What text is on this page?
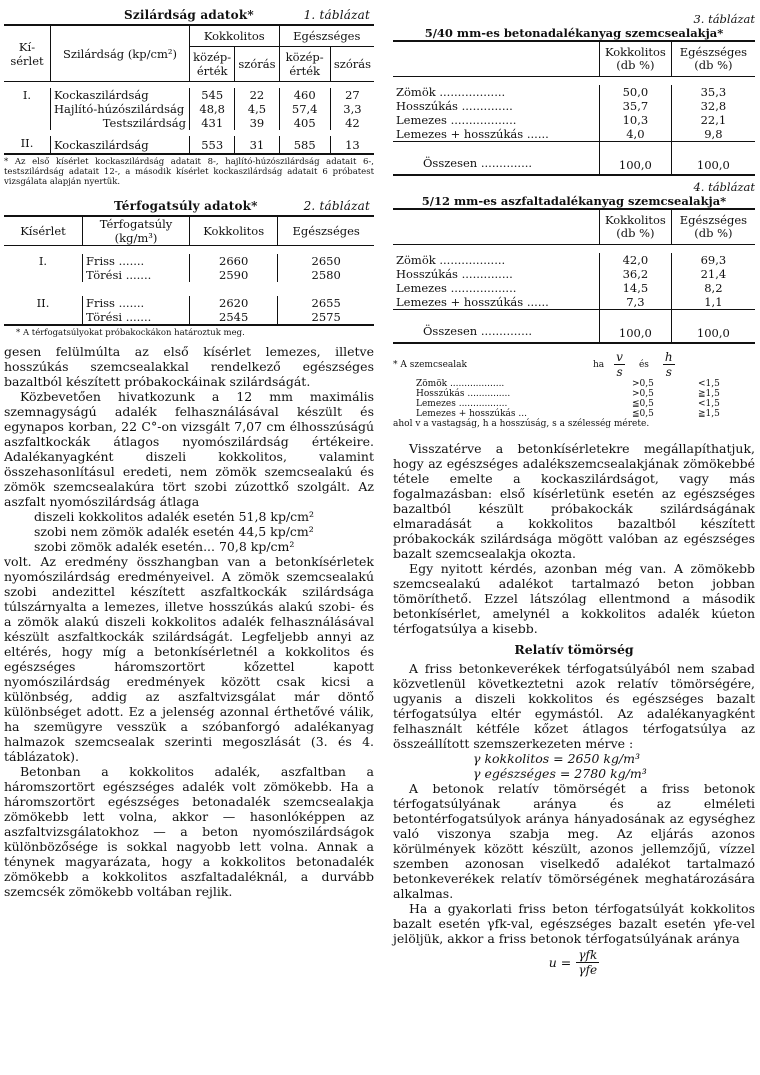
Szilárdság adatok*	1. táblázat
Kí-sérlet	Szilárdság (kp/cm²)	Kokkolitos		Egészséges	
		közép-érték	szórás	közép-érték	szórás

I.	Kockaszilárdság	545	22	460	27
	Hajlító-húzószilárdság	48,8	4,5	57,4	3,3
	Testszilárdság	431	39	405	42

II.	Kockaszilárdság	553	31	585	13
* Az első kísérlet kockaszilárdság adatait 8-, hajlító-húzószilárdság adatait 6-, testszilárdság adatait 12-, a második kísérlet kockaszilárdság adatait 6 próbatest vizsgálata alapján nyertük.
Térfogatsúly adatok*	2. táblázat
Kísérlet	Térfogatsúly (kg/m³)	Kokkolitos	Egészséges

I.	Friss .......	2660	2650
	Törési .......	2590	2580

II.	Friss .......	2620	2655
	Törési .......	2545	2575
* A térfogatsúlyokat próbakockákon határoztuk meg.

gesen felülmúlta az első kísérlet lemezes, illetve hosszúkás szemcsealakkal rendelkező egészséges bazaltból készített próbakockáinak szilárdságát.

Közbevetően hivatkozunk a 12 mm maximális szemnagyságú adalék felhasználásával készült és egynapos korban, 22 C°-on vizsgált 7,07 cm élhosszúságú aszfaltkockák átlagos nyomószilárdság értékeire. Adalékanyagként diszeli kokkolitos, valamint összehasonlításul eredeti, nem zömök szemcsealakú és zömök szemcsealakúra tört szobi zúzottkő szolgált. Az aszfalt nyomószilárdság átlaga

diszeli kokkolitos adalék esetén 51,8 kp/cm²
szobi nem zömök adalék esetén 44,5 kp/cm²
szobi zömök adalék esetén... 70,8 kp/cm²

volt. Az eredmény összhangban van a betonkísérletek nyomószilárdság eredményeivel. A zömök szemcsealakú szobi andezittel készített aszfaltkockák szilárdsága túlszárnyalta a lemezes, illetve hosszúkás alakú szobi- és a zömök alakú diszeli kokkolitos adalék felhasználásával készült aszfaltkockák szilárdságát. Legfeljebb annyi az eltérés, hogy míg a betonkísérletnél a kokkolitos és egészséges háromszortört kőzettel kapott nyomószilárdság eredmények között csak kicsi a különbség, addig az aszfaltvizsgálat már döntő különbséget adott. Ez a jelenség azonnal érthetővé válik, ha szemügyre vesszük a szóbanforgó adalékanyag halmazok szemcsealak szerinti megoszlását (3. és 4. táblázatok).

Betonban a kokkolitos adalék, aszfaltban a háromszortört egészséges adalék volt zömökebb. Ha a háromszortört egészséges betonadalék szemcsealakja zömökebb lett volna, akkor — hasonlóképpen az aszfaltvizsgálatokhoz — a beton nyomószilárdságok különbözősége is sokkal nagyobb lett volna. Annak a ténynek magyarázata, hogy a kokkolitos betonadalék zömökebb a kokkolitos aszfaltadaléknál, a durvább szemcsék zömökebb voltában rejlik.

3. táblázat
5/40 mm-es betonadalékanyag szemcsealakja*
	Kokkolitos (db %)	Egészséges (db %)

Zömök ..................	50,0	35,3
Hosszúkás ..............	35,7	32,8
Lemezes ..................	10,3	22,1
Lemezes + hosszúkás ......	4,0	9,8
Összesen ..............	100,0	100,0
4. táblázat
5/12 mm-es aszfaltadalékanyag szemcsealakja*
	Kokkolitos (db %)	Egészséges (db %)

Zömök ..................	42,0	69,3
Hosszúkás ..............	36,2	21,4
Lemezes ..................	14,5	8,2
Lemezes + hosszúkás ......	7,3	1,1
Összesen ..............	100,0	100,0
* A szemcsealak	ha $\frac{v}{s}$ és $\frac{h}{s}$
Zömök ...................	>0,5	<1,5
Hosszúkás ...............	>0,5	≧1,5
Lemezes .................	≦0,5	<1,5
Lemezes + hosszúkás ...	≦0,5	≧1,5
ahol v a vastagság, h a hosszúság, s a szélesség mérete.

Visszatérve a betonkísérletekre megállapíthatjuk, hogy az egészséges adalékszemcsealakjának zömökebbé tétele emelte a kockaszilárdságot, vagy más fogalmazásban: első kísérletünk esetén az egészséges bazaltból készült próbakockák szilárdságának elmaradását a kokkolitos bazaltból készített próbakockák szilárdsága mögött valóban az egészséges bazalt szemcsealakja okozta.

Egy nyitott kérdés, azonban még van. A zömökebb szemcsealakú adalékot tartalmazó beton jobban tömöríthető. Ezzel látszólag ellentmond a második betonkísérlet, amelynél a kokkolitos adalék kúeton térfogatsúlya a kisebb.

Relatív tömörség

A friss betonkeverékek térfogatsúlyából nem szabad közvetlenül következtetni azok relatív tömörségére, ugyanis a diszeli kokkolitos és egészséges bazalt térfogatsúlya eltér egymástól. Az adalékanyagként felhasznált kétféle kőzet átlagos térfogatsúlya az összeállított szemszerkezeten mérve :

γ kokkolitos = 2650 kg/m³
γ egészséges = 2780 kg/m³

A betonok relatív tömörségét a friss betonok térfogatsúlyának aránya és az elméleti betontérfogatsúlyok aránya hányadosának az egységhez való viszonya szabja meg. Az eljárás azonos körülmények között készült, azonos jellemzőjű, vízzel szemben azonosan viselkedő adalékot tartalmazó betonkeverékek relatív tömörségének meghatározására alkalmas.

Ha a gyakorlati friss beton térfogatsúlyát kokkolitos bazalt esetén γfk-val, egészséges bazalt esetén γfe-vel jelöljük, akkor a friss betonok térfogatsúlyának aránya

$u = \frac{\text{γfk}}{\text{γfe}}$
